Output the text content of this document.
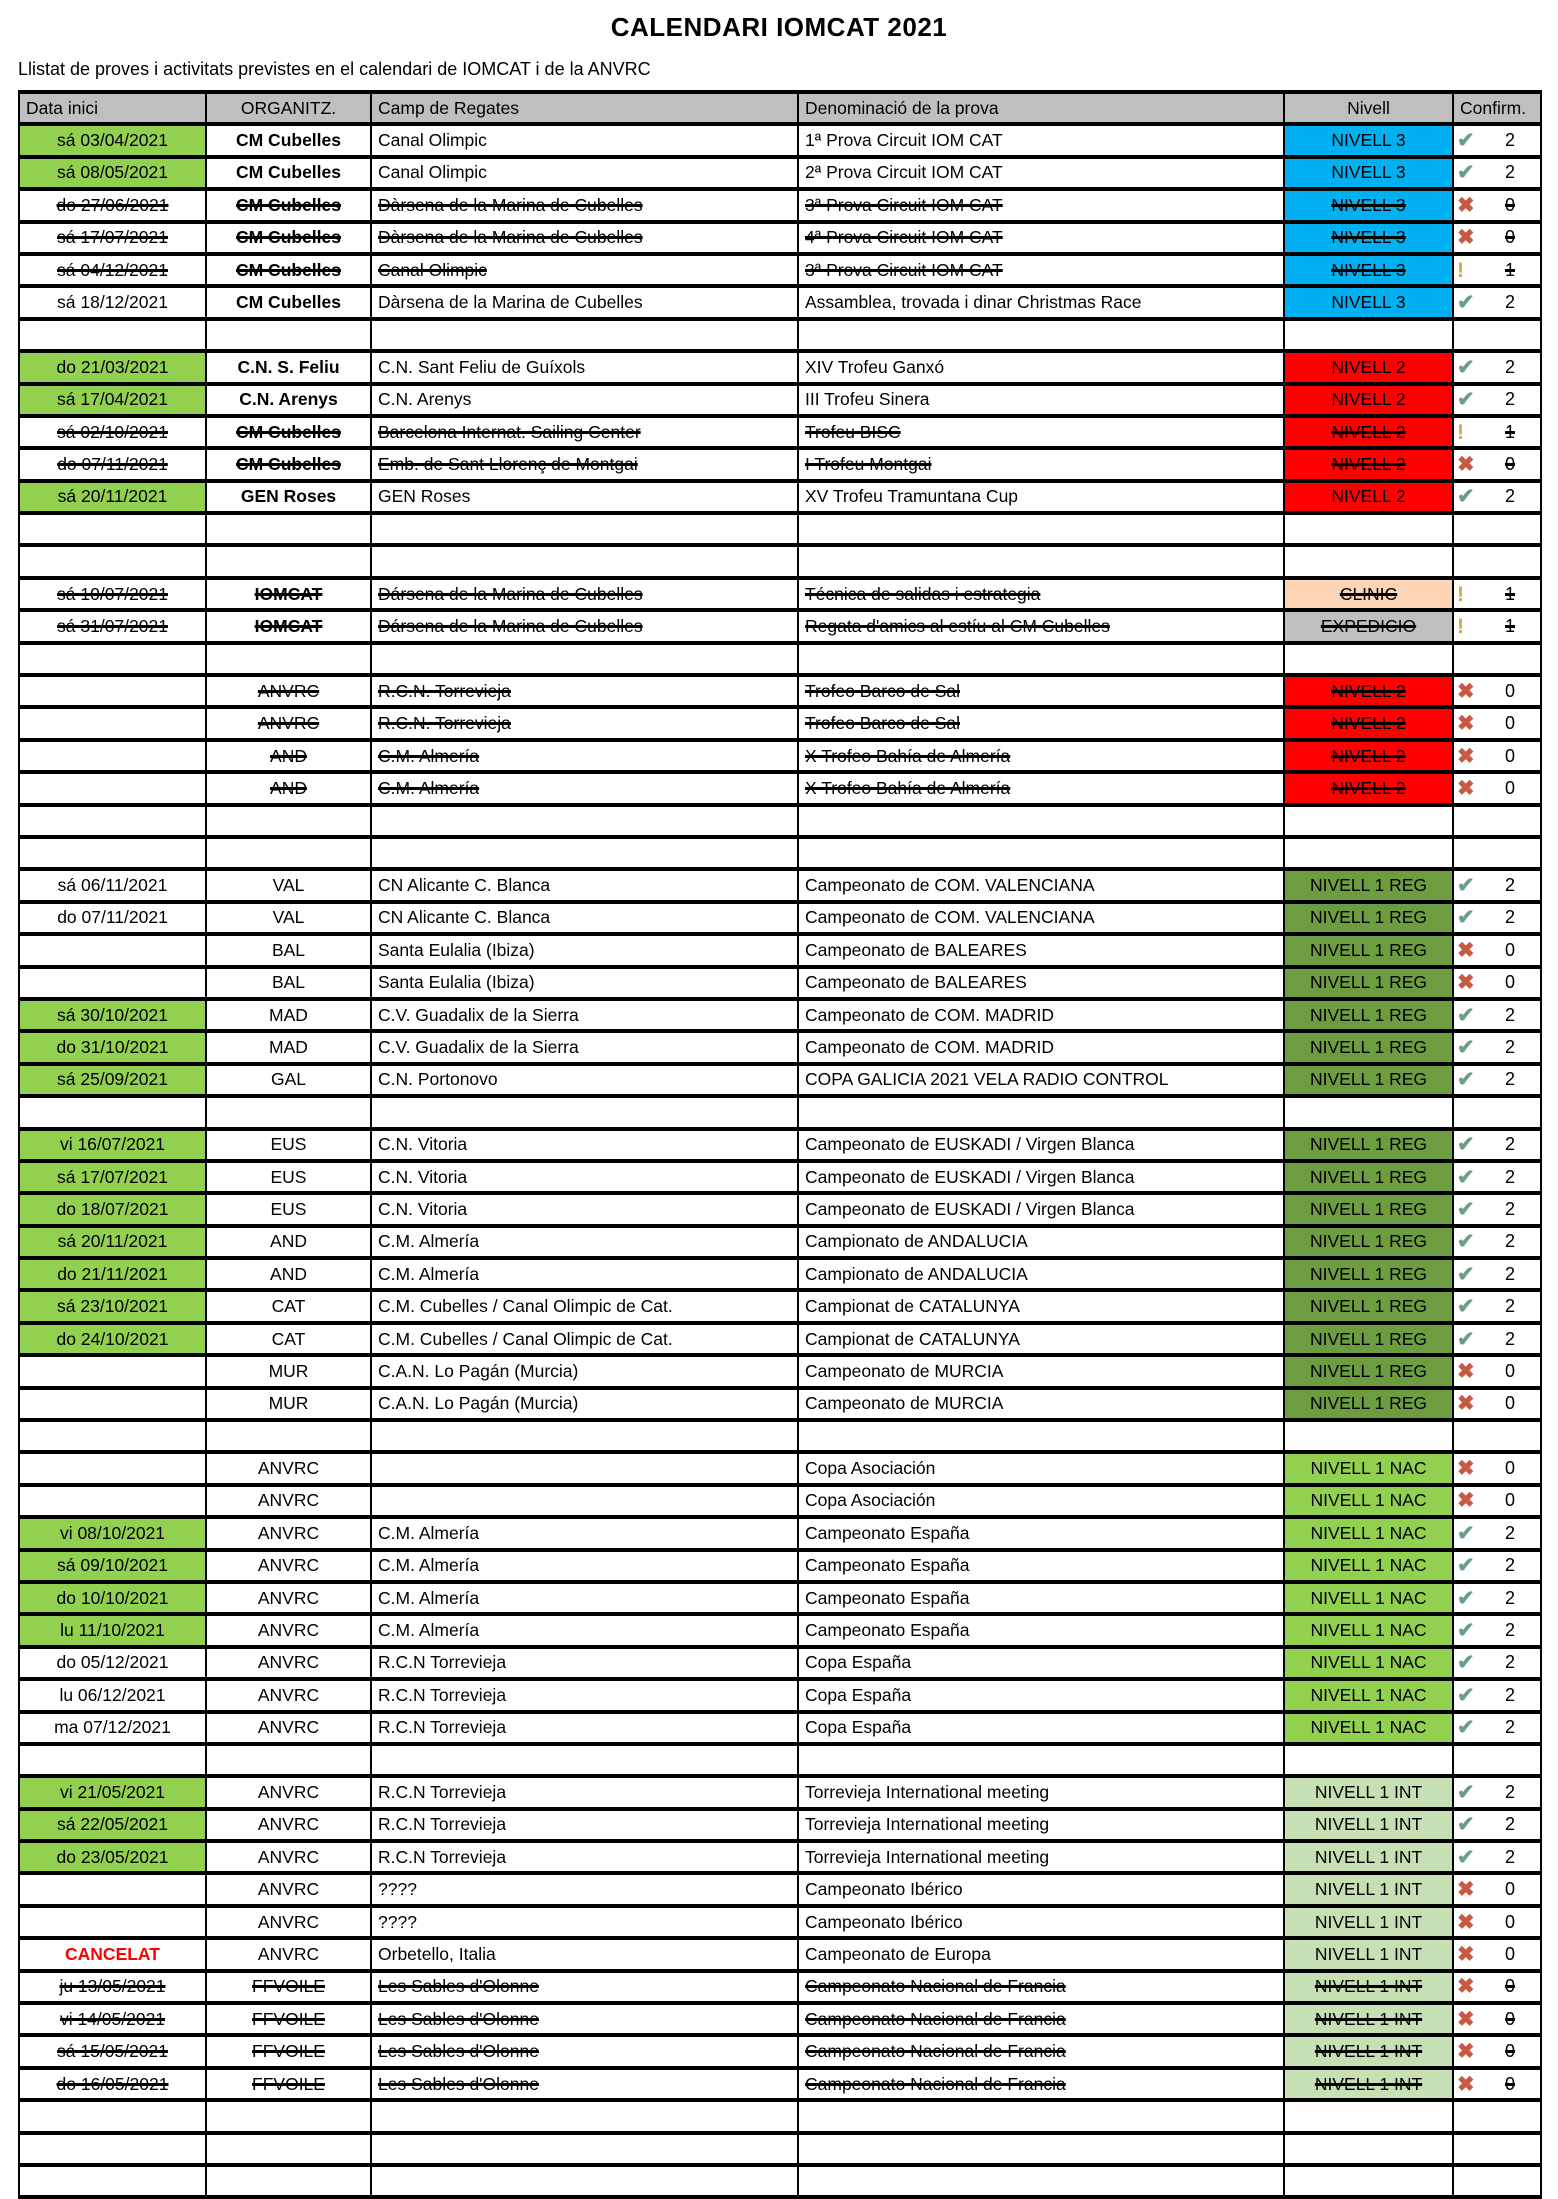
CALENDARI IOMCAT 2021
Llistat de proves i activitats previstes en el calendari de IOMCAT i de la ANVRC
Data inici	ORGANITZ.	Camp de Regates	Denominació de la prova	Nivell	Confirm.
sá 03/04/2021	CM Cubelles	Canal Olimpic	1ª Prova Circuit IOM CAT	NIVELL 3	✔ 2

sá 08/05/2021	CM Cubelles	Canal Olimpic	2ª Prova Circuit IOM CAT	NIVELL 3	✔ 2

do 27/06/2021	CM Cubelles	Dàrsena de la Marina de Cubelles	3ª Prova Circuit IOM CAT	NIVELL 3	✖ 0

sá 17/07/2021	CM Cubelles	Dàrsena de la Marina de Cubelles	4ª Prova Circuit IOM CAT	NIVELL 3	✖ 0

sá 04/12/2021	CM Cubelles	Canal Olimpic	3ª Prova Circuit IOM CAT	NIVELL 3	! 1

sá 18/12/2021	CM Cubelles	Dàrsena de la Marina de Cubelles	Assamblea, trovada i dinar Christmas Race	NIVELL 3	✔ 2

do 21/03/2021	C.N. S. Feliu	C.N. Sant Feliu de Guíxols	XIV Trofeu Ganxó	NIVELL 2	✔ 2

sá 17/04/2021	C.N. Arenys	C.N. Arenys	III Trofeu Sinera	NIVELL 2	✔ 2

sá 02/10/2021	CM Cubelles	Barcelona Internat. Sailing Center	Trofeu BISC	NIVELL 2	! 1

do 07/11/2021	CM Cubelles	Emb. de Sant Llorenç de Montgai	I Trofeu Montgai	NIVELL 2	✖ 0

sá 20/11/2021	GEN Roses	GEN Roses	XV Trofeu Tramuntana Cup	NIVELL 2	✔ 2

sá 10/07/2021	IOMCAT	Dársena de la Marina de Cubelles	Técnica de salidas i estrategia	CLINIC	! 1

sá 31/07/2021	IOMCAT	Dársena de la Marina de Cubelles	Regata d'amics al estíu al CM Cubelles	EXPEDICIO	! 1

	ANVRC	R.C.N. Torrevieja	Trofeo Barco de Sal	NIVELL 2	✖ 0

	ANVRC	R.C.N. Torrevieja	Trofeo Barco de Sal	NIVELL 2	✖ 0

	AND	C.M. Almería	X Trofeo Bahía de Almería	NIVELL 2	✖ 0

	AND	C.M. Almería	X Trofeo Bahía de Almería	NIVELL 2	✖ 0

sá 06/11/2021	VAL	CN Alicante C. Blanca	Campeonato de COM. VALENCIANA	NIVELL 1 REG	✔ 2

do 07/11/2021	VAL	CN Alicante C. Blanca	Campeonato de COM. VALENCIANA	NIVELL 1 REG	✔ 2

	BAL	Santa Eulalia (Ibiza)	Campeonato de BALEARES	NIVELL 1 REG	✖ 0

	BAL	Santa Eulalia (Ibiza)	Campeonato de BALEARES	NIVELL 1 REG	✖ 0

sá 30/10/2021	MAD	C.V. Guadalix de la Sierra	Campeonato de COM. MADRID	NIVELL 1 REG	✔ 2

do 31/10/2021	MAD	C.V. Guadalix de la Sierra	Campeonato de COM. MADRID	NIVELL 1 REG	✔ 2

sá 25/09/2021	GAL	C.N. Portonovo	COPA GALICIA 2021 VELA RADIO CONTROL	NIVELL 1 REG	✔ 2

vi 16/07/2021	EUS	C.N. Vitoria	Campeonato de EUSKADI / Virgen Blanca	NIVELL 1 REG	✔ 2

sá 17/07/2021	EUS	C.N. Vitoria	Campeonato de EUSKADI / Virgen Blanca	NIVELL 1 REG	✔ 2

do 18/07/2021	EUS	C.N. Vitoria	Campeonato de EUSKADI / Virgen Blanca	NIVELL 1 REG	✔ 2

sá 20/11/2021	AND	C.M. Almería	Campionato de ANDALUCIA	NIVELL 1 REG	✔ 2

do 21/11/2021	AND	C.M. Almería	Campionato de ANDALUCIA	NIVELL 1 REG	✔ 2

sá 23/10/2021	CAT	C.M. Cubelles / Canal Olimpic de Cat.	Campionat de CATALUNYA	NIVELL 1 REG	✔ 2

do 24/10/2021	CAT	C.M. Cubelles / Canal Olimpic de Cat.	Campionat de CATALUNYA	NIVELL 1 REG	✔ 2

	MUR	C.A.N. Lo Pagán (Murcia)	Campeonato de MURCIA	NIVELL 1 REG	✖ 0

	MUR	C.A.N. Lo Pagán (Murcia)	Campeonato de MURCIA	NIVELL 1 REG	✖ 0

	ANVRC		Copa Asociación	NIVELL 1 NAC	✖ 0

	ANVRC		Copa Asociación	NIVELL 1 NAC	✖ 0

vi 08/10/2021	ANVRC	C.M. Almería	Campeonato España	NIVELL 1 NAC	✔ 2

sá 09/10/2021	ANVRC	C.M. Almería	Campeonato España	NIVELL 1 NAC	✔ 2

do 10/10/2021	ANVRC	C.M. Almería	Campeonato España	NIVELL 1 NAC	✔ 2

lu 11/10/2021	ANVRC	C.M. Almería	Campeonato España	NIVELL 1 NAC	✔ 2

do 05/12/2021	ANVRC	R.C.N Torrevieja	Copa España	NIVELL 1 NAC	✔ 2

lu 06/12/2021	ANVRC	R.C.N Torrevieja	Copa España	NIVELL 1 NAC	✔ 2

ma 07/12/2021	ANVRC	R.C.N Torrevieja	Copa España	NIVELL 1 NAC	✔ 2

vi 21/05/2021	ANVRC	R.C.N Torrevieja	Torrevieja International meeting	NIVELL 1 INT	✔ 2

sá 22/05/2021	ANVRC	R.C.N Torrevieja	Torrevieja International meeting	NIVELL 1 INT	✔ 2

do 23/05/2021	ANVRC	R.C.N Torrevieja	Torrevieja International meeting	NIVELL 1 INT	✔ 2

	ANVRC	????	Campeonato Ibérico	NIVELL 1 INT	✖ 0

	ANVRC	????	Campeonato Ibérico	NIVELL 1 INT	✖ 0

CANCELAT	ANVRC	Orbetello, Italia	Campeonato de Europa	NIVELL 1 INT	✖ 0

ju 13/05/2021	FFVOILE	Les Sables d'Olonne	Campeonato Nacional de Francia	NIVELL 1 INT	✖ 0

vi 14/05/2021	FFVOILE	Les Sables d'Olonne	Campeonato Nacional de Francia	NIVELL 1 INT	✖ 0

sá 15/05/2021	FFVOILE	Les Sables d'Olonne	Campeonato Nacional de Francia	NIVELL 1 INT	✖ 0

do 16/05/2021	FFVOILE	Les Sables d'Olonne	Campeonato Nacional de Francia	NIVELL 1 INT	✖ 0
